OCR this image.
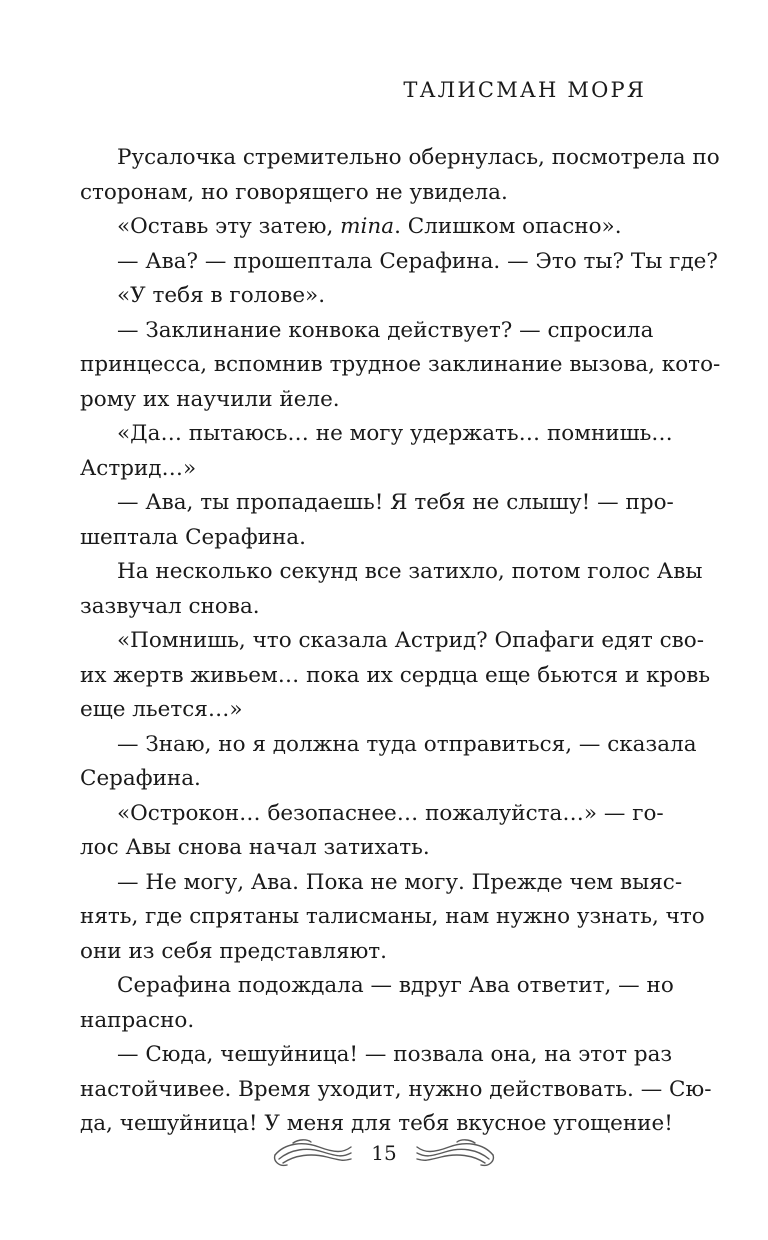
ТАЛИСМАН МОРЯ
Русалочка стремительно обернулась, посмотрела по
сторонам, но говорящего не увидела.
«Оставь эту затею, mina. Слишком опасно».
— Ава? — прошептала Серафина. — Это ты? Ты где?
«У тебя в голове».
— Заклинание конвока действует? — спросила
принцесса, вспомнив трудное заклинание вызова, кото-
рому их научили йеле.
«Да… пытаюсь… не могу удержать… помнишь…
Астрид…»
— Ава, ты пропадаешь! Я тебя не слышу! — про-
шептала Серафина.
На несколько секунд все затихло, потом голос Авы
зазвучал снова.
«Помнишь, что сказала Астрид? Опафаги едят сво-
их жертв живьем… пока их сердца еще бьются и кровь
еще льется…»
— Знаю, но я должна туда отправиться, — сказала
Серафина.
«Острокон… безопаснее… пожалуйста…» — го-
лос Авы снова начал затихать.
— Не могу, Ава. Пока не могу. Прежде чем выяс-
нять, где спрятаны талисманы, нам нужно узнать, что
они из себя представляют.
Серафина подождала — вдруг Ава ответит, — но
напрасно.
— Сюда, чешуйница! — позвала она, на этот раз
настойчивее. Время уходит, нужно действовать. — Сю-
да, чешуйница! У меня для тебя вкусное угощение!
15
